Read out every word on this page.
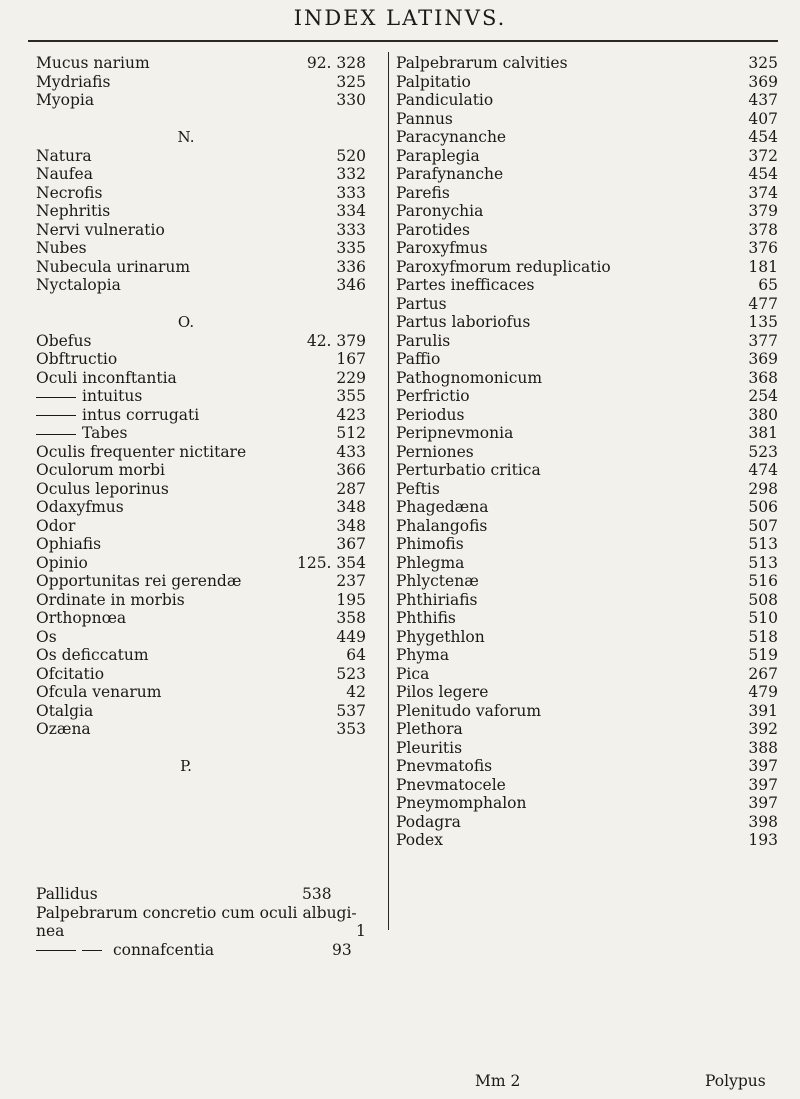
INDEX LATINVS.
Mucus narium	92. 328
Mydriafis	325
Myopia	330
N.
Natura	520
Naufea	332
Necrofis	333
Nephritis	334
Nervi vulneratio	333
Nubes	335
Nubecula urinarum	336
Nyctalopia	346
O.
Obefus	42. 379
Obftructio	167
Oculi inconftantia	229
intuitus	355
intus corrugati	423
Tabes	512
Oculis frequenter nictitare	433
Oculorum morbi	366
Oculus leporinus	287
Odaxyfmus	348
Odor	348
Ophiafis	367
Opinio	125. 354
Opportunitas rei gerendæ	237
Ordinate in morbis	195
Orthopnœa	358
Os	449
Os deficcatum	64
Ofcitatio	523
Ofcula venarum	42
Otalgia	537
Ozæna	353
P.
Palpebrarum calvities	325
Palpitatio	369
Pandiculatio	437
Pannus	407
Paracynanche	454
Paraplegia	372
Parafynanche	454
Parefis	374
Paronychia	379
Parotides	378
Paroxyfmus	376
Paroxyfmorum reduplicatio	181
Partes inefficaces	65
Partus	477
Partus laboriofus	135
Parulis	377
Paffio	369
Pathognomonicum	368
Perfrictio	254
Periodus	380
Peripnevmonia	381
Perniones	523
Perturbatio critica	474
Peftis	298
Phagedæna	506
Phalangofis	507
Phimofis	513
Phlegma	513
Phlyctenæ	516
Phthiriafis	508
Phthifis	510
Phygethlon	518
Phyma	519
Pica	267
Pilos legere	479
Plenitudo vaforum	391
Plethora	392
Pleuritis	388
Pnevmatofis	397
Pnevmatocele	397
Pneymomphalon	397
Podagra	398
Podex	193
Pallidus	538
Palpebrarum concretio cum oculi albugi-
nea	1
connafcentia	93
Mm 2	Polypus
